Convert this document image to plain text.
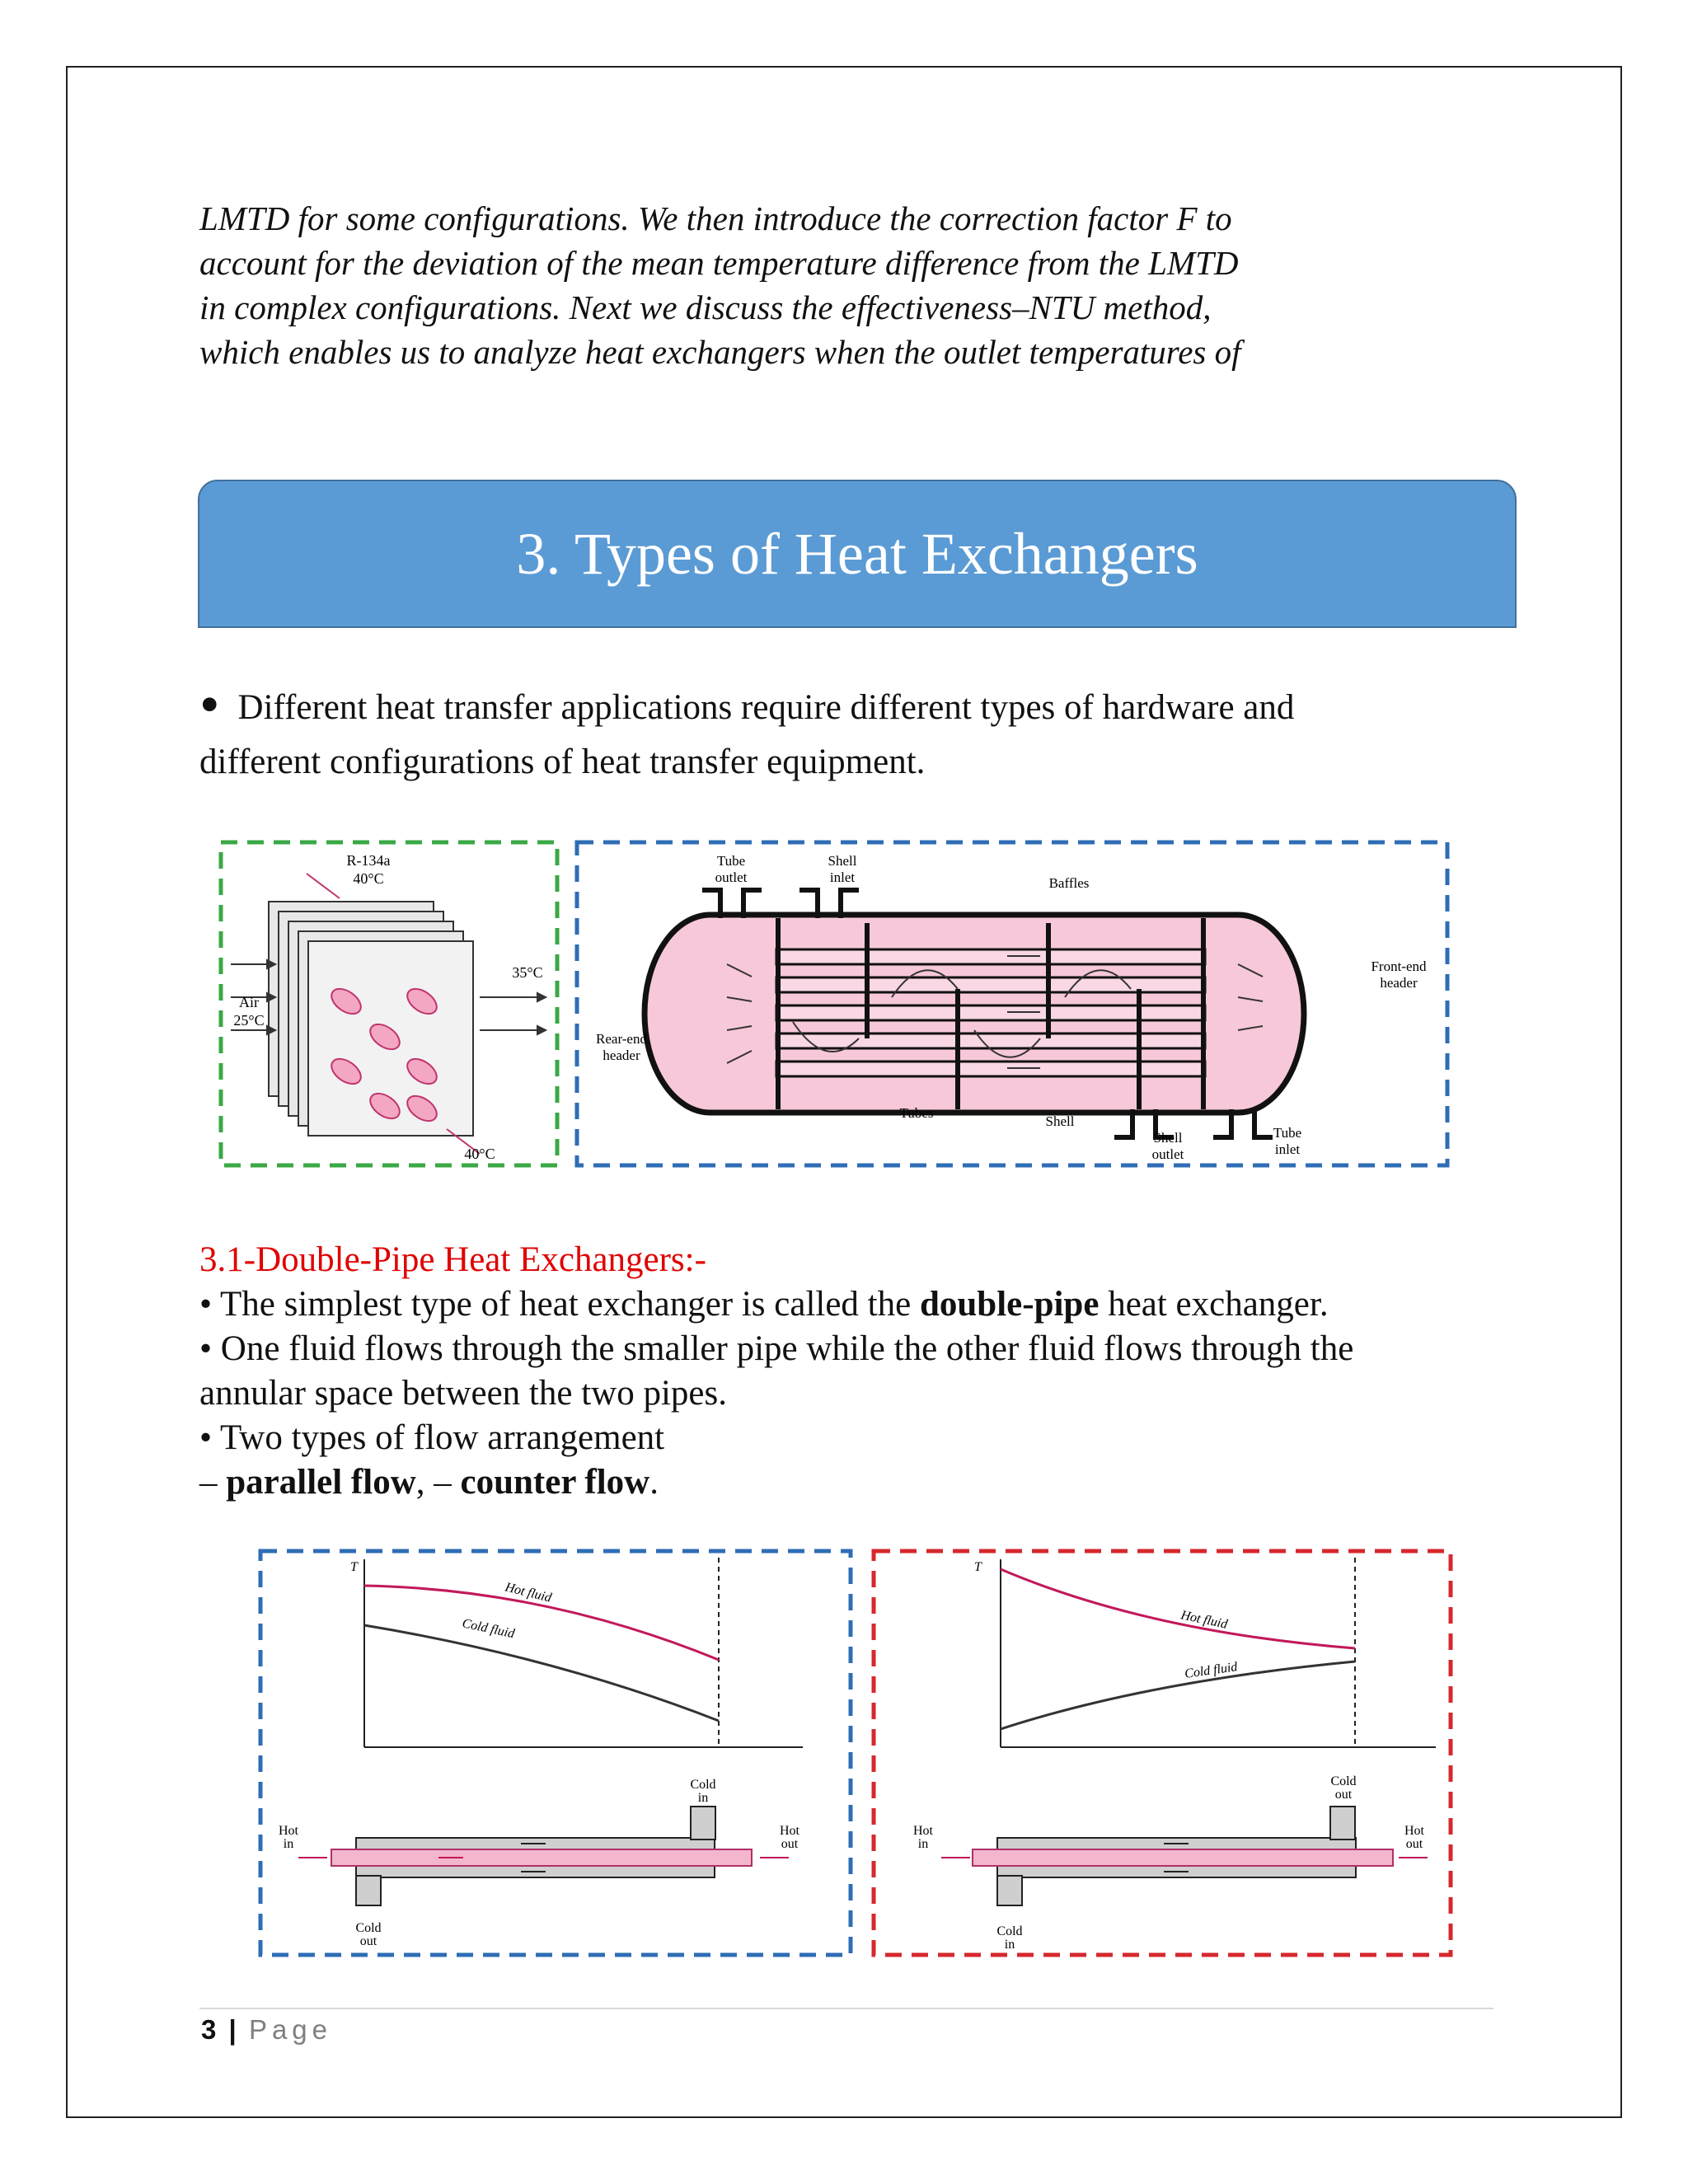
LMTD for some configurations. We then introduce the correction factor F to

account for the deviation of the mean temperature difference from the LMTD

in complex configurations. Next we discuss the effectiveness–NTU method,

which enables us to analyze heat exchangers when the outlet temperatures of

3. Types of Heat Exchangers

• Different heat transfer applications require different types of hardware and

different configurations of heat transfer equipment.

R-134a
40°C
Air
25°C
35°C
40°C
Tube
outlet
Shell
inlet	Baffles
Front-end
header
Rear-end
header
Tubes
Shell
Shell
outlet
Tube
inlet

3.1-Double-Pipe Heat Exchangers:-

• The simplest type of heat exchanger is called the double-pipe heat exchanger.

• One fluid flows through the smaller pipe while the other fluid flows through the

annular space between the two pipes.

• Two types of flow arrangement

– parallel flow, – counter flow.

T
Hot fluid
Cold fluid
Hot
in
Hot
out
Cold
in
Cold
out
T
Hot fluid
Cold fluid
Hot
in
Hot
out
Cold
out
Cold
in
3 | Page
